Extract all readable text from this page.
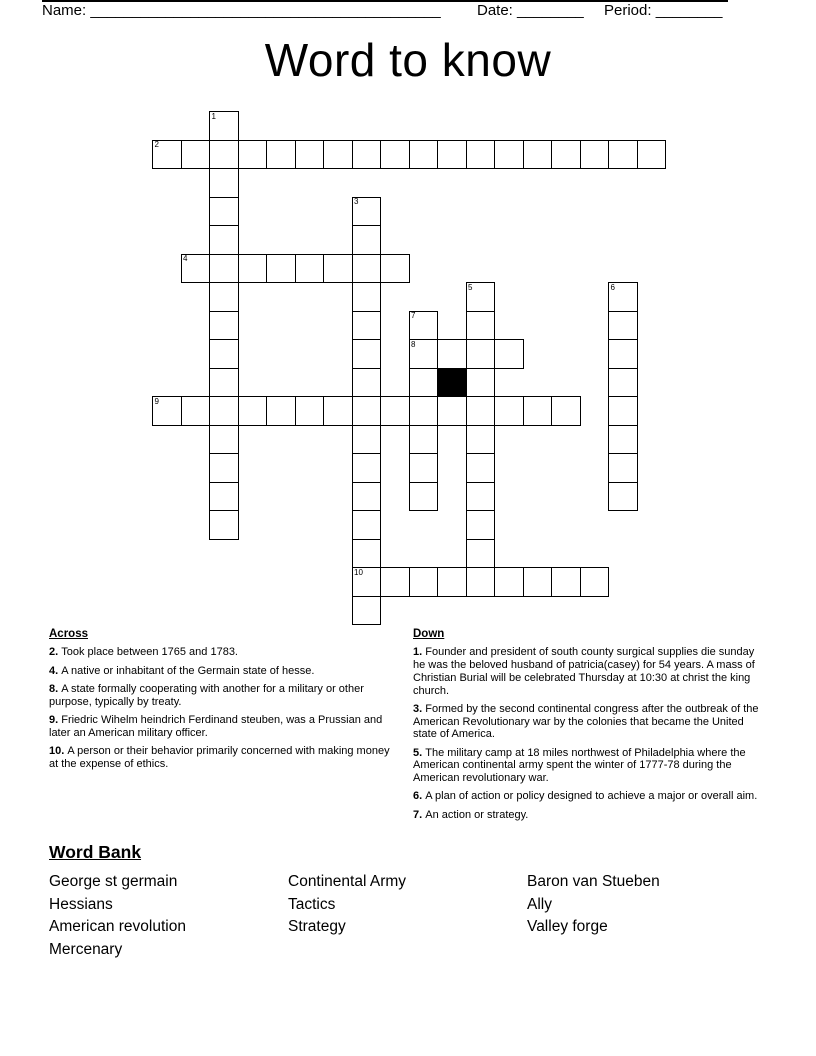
Name: __________________________________________ Date: ________ Period: ________
Word to know
1
2
3
10
4
5	6
7
8
9
Across
2. Took place between 1765 and 1783.
4. A native or inhabitant of the Germain state of hesse.
8. A state formally cooperating with another for a military or other purpose, typically by treaty.
9. Friedric Wihelm heindrich Ferdinand steuben, was a Prussian and later an American military officer.
10. A person or their behavior primarily concerned with making money at the expense of ethics.
Down
1. Founder and president of south county surgical supplies die sunday he was the beloved husband of patricia(casey) for 54 years. A mass of Christian Burial will be celebrated Thursday at 10:30 at christ the king church.
3. Formed by the second continental congress after the outbreak of the American Revolutionary war by the colonies that became the United state of America.
5. The military camp at 18 miles northwest of Philadelphia where the American continental army spent the winter of 1777-78 during the American revolutionary war.
6. A plan of action or policy designed to achieve a major or overall aim.
7. An action or strategy.
Word Bank
George st germain
Hessians
American revolution
Mercenary
Continental Army
Tactics
Strategy
Baron van Stueben
Ally
Valley forge
